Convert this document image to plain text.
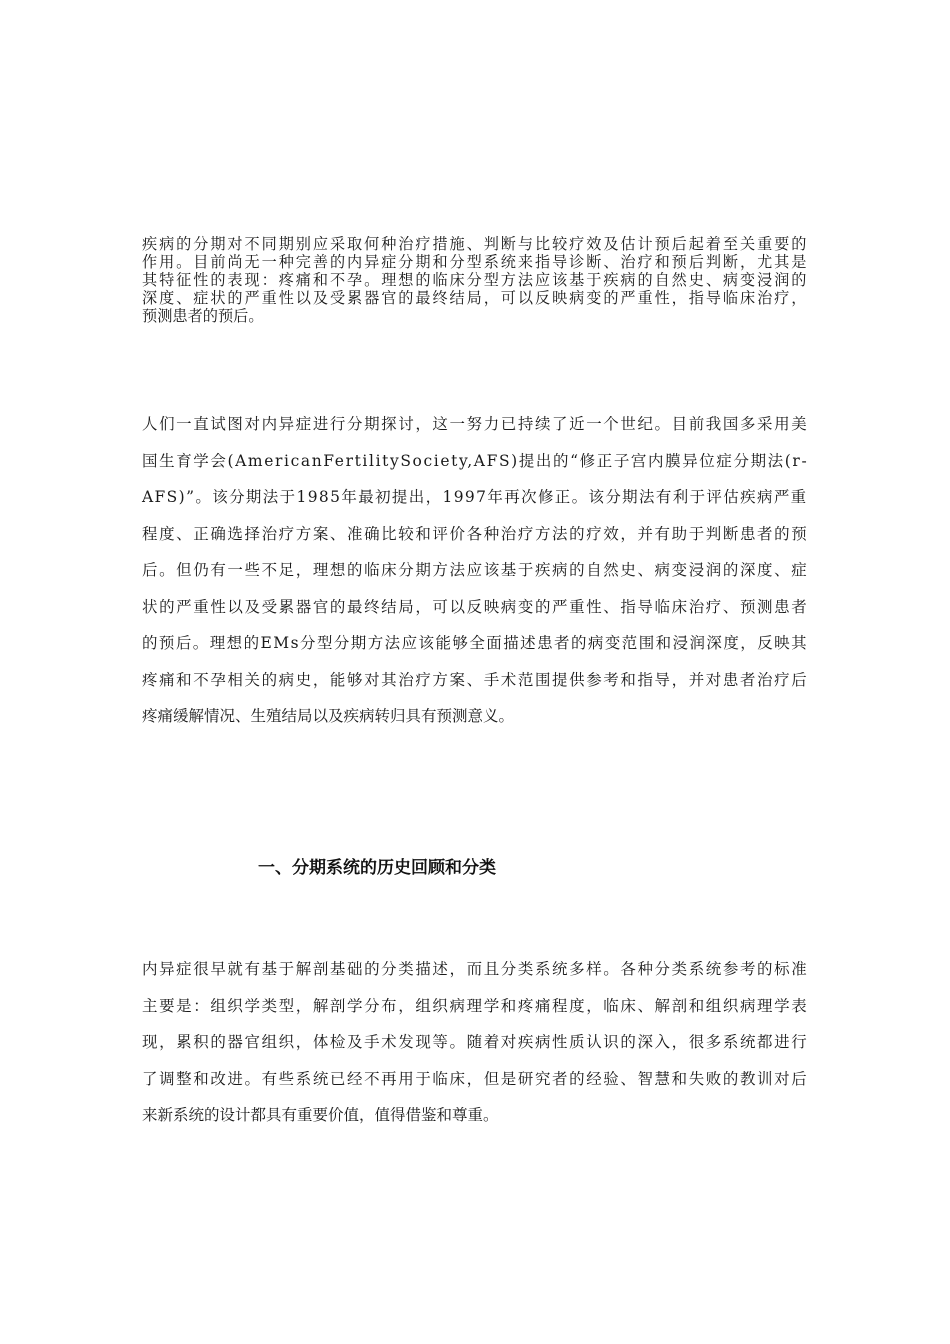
疾病的分期对不同期别应采取何种治疗措施、判断与比较疗效及估计预后起着至关重要的
作用。目前尚无一种完善的内异症分期和分型系统来指导诊断、治疗和预后判断，尤其是
其特征性的表现：疼痛和不孕。理想的临床分型方法应该基于疾病的自然史、病变浸润的
深度、症状的严重性以及受累器官的最终结局，可以反映病变的严重性，指导临床治疗，
预测患者的预后。
人们一直试图对内异症进行分期探讨，这一努力已持续了近一个世纪。目前我国多采用美
国生育学会(AmericanFertilitySociety,AFS)提出的“修正子宫内膜异位症分期法(r-
AFS)”。该分期法于1985年最初提出，1997年再次修正。该分期法有利于评估疾病严重
程度、正确选择治疗方案、准确比较和评价各种治疗方法的疗效，并有助于判断患者的预
后。但仍有一些不足，理想的临床分期方法应该基于疾病的自然史、病变浸润的深度、症
状的严重性以及受累器官的最终结局，可以反映病变的严重性、指导临床治疗、预测患者
的预后。理想的EMs分型分期方法应该能够全面描述患者的病变范围和浸润深度，反映其
疼痛和不孕相关的病史，能够对其治疗方案、手术范围提供参考和指导，并对患者治疗后
疼痛缓解情况、生殖结局以及疾病转归具有预测意义。
一、分期系统的历史回顾和分类
内异症很早就有基于解剖基础的分类描述，而且分类系统多样。各种分类系统参考的标准
主要是：组织学类型，解剖学分布，组织病理学和疼痛程度，临床、解剖和组织病理学表
现，累积的器官组织，体检及手术发现等。随着对疾病性质认识的深入，很多系统都进行
了调整和改进。有些系统已经不再用于临床，但是研究者的经验、智慧和失败的教训对后
来新系统的设计都具有重要价值，值得借鉴和尊重。
